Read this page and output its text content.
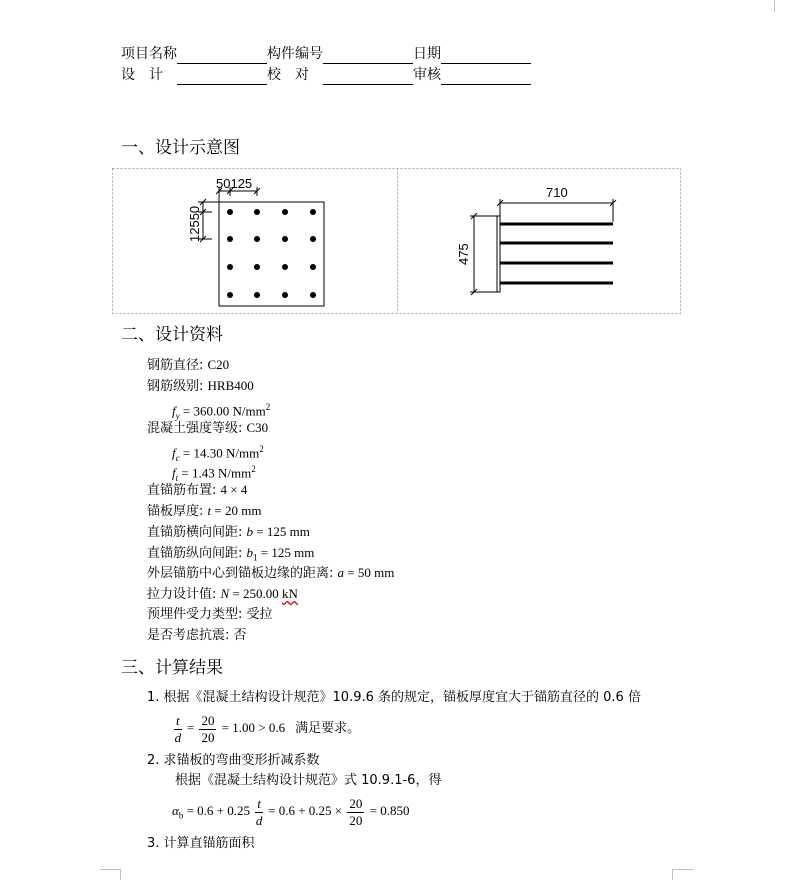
项目名称	构件编号	日期
设　计	校　对	审核
一、设计示意图
50125
12550
710
475
二、设计资料
钢筋直径: C20
钢筋级别: HRB400
$f_y = 360.00$ $N/mm^2$
混凝土强度等级: C30
$f_c = 14.30$ $N/mm^2$
$f_t = 1.43$ $N/mm^2$
直锚筋布置: 4 × 4
锚板厚度: t = 20 mm
直锚筋横向间距: b = 125 mm
直锚筋纵向间距: $b_1 = 125$ mm
外层锚筋中心到锚板边缘的距离: a = 50 mm
拉力设计值: N = 250.00 kN
预埋件受力类型: 受拉
是否考虑抗震: 否
三、计算结果
1. 根据《混凝土结构设计规范》10.9.6 条的规定，锚板厚度宜大于锚筋直径的 0.6 倍
$\frac{t}{d} = \frac{20}{20} = 1.00 > 0.6$ 满足要求。
2. 求锚板的弯曲变形折减系数
根据《混凝土结构设计规范》式 10.9.1-6，得
$\alpha_b = 0.6 + 0.25 \frac{t}{d} = 0.6 + 0.25 \times \frac{20}{20} = 0.850$
3. 计算直锚筋面积
